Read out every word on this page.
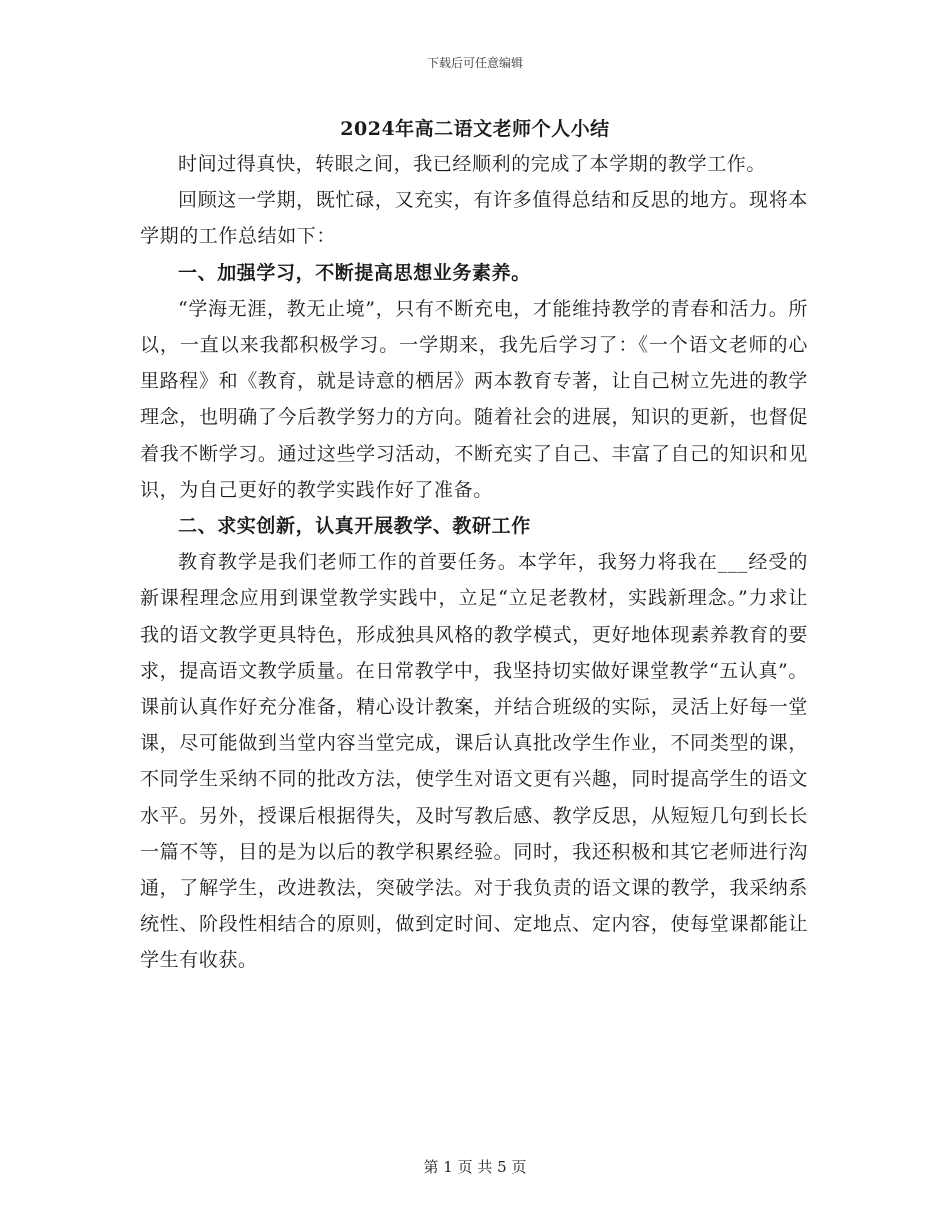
下载后可任意编辑
2024年高二语文老师个人小结

时间过得真快，转眼之间，我已经顺利的完成了本学期的教学工作。

回顾这一学期，既忙碌，又充实，有许多值得总结和反思的地方。现将本学期的工作总结如下：

一、加强学习，不断提高思想业务素养。

“学海无涯，教无止境”，只有不断充电，才能维持教学的青春和活力。所以，一直以来我都积极学习。一学期来，我先后学习了：《一个语文老师的心里路程》和《教育，就是诗意的栖居》两本教育专著，让自己树立先进的教学理念，也明确了今后教学努力的方向。随着社会的进展，知识的更新，也督促着我不断学习。通过这些学习活动，不断充实了自己、丰富了自己的知识和见识，为自己更好的教学实践作好了准备。

二、求实创新，认真开展教学、教研工作

教育教学是我们老师工作的首要任务。本学年，我努力将我在___经受的新课程理念应用到课堂教学实践中，立足“立足老教材，实践新理念。”力求让我的语文教学更具特色，形成独具风格的教学模式，更好地体现素养教育的要求，提高语文教学质量。在日常教学中，我坚持切实做好课堂教学“五认真”。课前认真作好充分准备，精心设计教案，并结合班级的实际，灵活上好每一堂课，尽可能做到当堂内容当堂完成，课后认真批改学生作业，不同类型的课，不同学生采纳不同的批改方法，使学生对语文更有兴趣，同时提高学生的语文水平。另外，授课后根据得失，及时写教后感、教学反思，从短短几句到长长一篇不等，目的是为以后的教学积累经验。同时，我还积极和其它老师进行沟通，了解学生，改进教法，突破学法。对于我负责的语文课的教学，我采纳系统性、阶段性相结合的原则，做到定时间、定地点、定内容，使每堂课都能让学生有收获。

第 1 页 共 5 页
